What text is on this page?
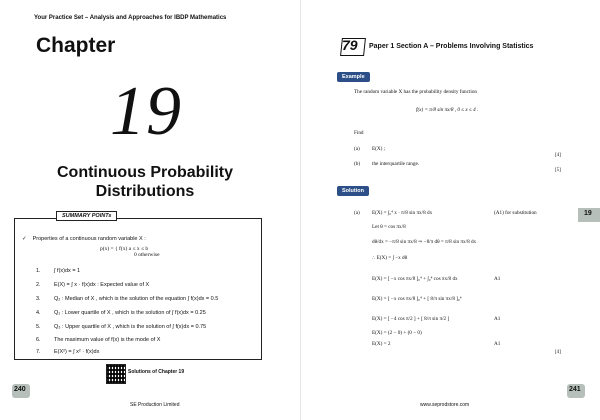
Your Practice Set – Analysis and Approaches for IBDP Mathematics
Chapter
19
Continuous Probability Distributions
SUMMARY POINTs
✓ Properties of a continuous random variable X :
p(x) = { f(x) a ≤ x ≤ b
0 otherwise
1. ∫ f(x)dx = 1
2. E(X) = ∫ x · f(x)dx : Expected value of X
3. Q₂ : Median of X , which is the solution of the equation ∫ f(x)dx = 0.5
4. Q₁ : Lower quartile of X , which is the solution of ∫ f(x)dx = 0.25
5. Q₃ : Upper quartile of X , which is the solution of ∫ f(x)dx = 0.75
6. The maximum value of f(x) is the mode of X
7. E(X²) = ∫ x² · f(x)dx
Solutions of Chapter 19
240
SE Production Limited
79 Paper 1 Section A – Problems Involving Statistics
Example
The random variable X has the probability density function
f(x) = π/8 sin πx/8 , 0 ≤ x ≤ 4 .
Find
(a) E(X) ;
[4]
(b) the interquartile range.
[5]
Solution
(a) E(X) = ∫₀⁴ x · π/8 sin πx/8 dx	(A1) for substitution
Let θ = cos πx/8
dθ/dx = −π/8 sin πx/8 ⇒ −8/π dθ = π/8 sin πx/8 dx
∴ E(X) = ∫ −x dθ
E(X) = [ −x cos πx/8 ]₀⁴ + ∫₀⁴ cos πx/8 dx	A1
E(X) = [ −x cos πx/8 ]₀⁴ + [ 8/π sin πx/8 ]₀⁴
E(X) = [ −4 cos π/2 ] + [ 8/π sin π/2 ]	A1
E(X) = (2 − 0) + (0 − 0)
E(X) = 2	A1
[4]
19
241
www.seprodstore.com
